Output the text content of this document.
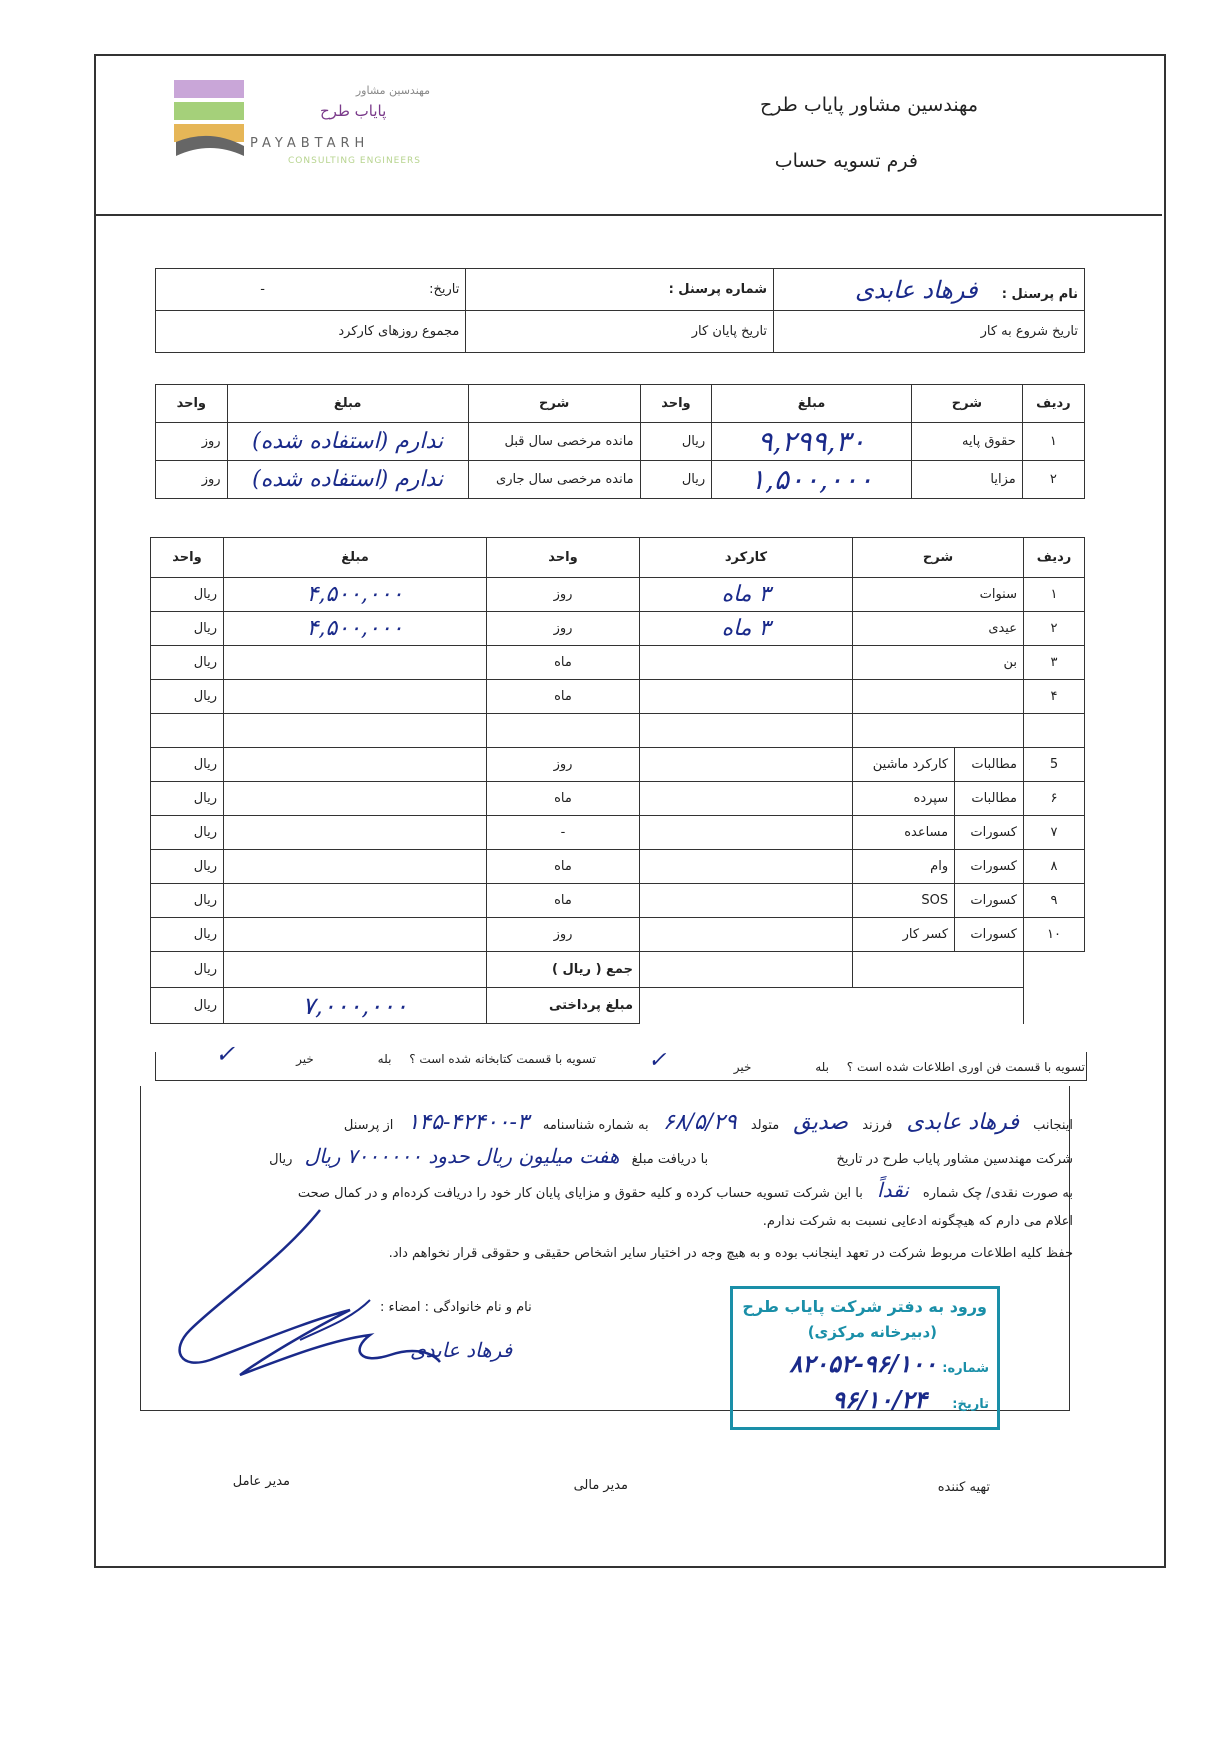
مهندسین مشاور پایاب طرح
فرم تسویه حساب
مهندسین مشاور
پایاب طرح
PAYABTARH
CONSULTING ENGINEERS
نام پرسنل : فرهاد عابدی	شماره پرسنل :	تاریخ: -
تاریخ شروع به کار	تاریخ پایان کار	مجموع روزهای کارکرد
ردیف	شرح	مبلغ	واحد	شرح	مبلغ	واحد
۱	حقوق پایه	۹,۲۹۹,۳۰	ریال	مانده مرخصی سال قبل	ندارم (استفاده شده)	روز
۲	مزایا	۱,۵۰۰,۰۰۰	ریال	مانده مرخصی سال جاری	ندارم (استفاده شده)	روز
ردیف	شرح		کارکرد	واحد	مبلغ	واحد
۱	سنوات		۳ ماه	روز	۴,۵۰۰,۰۰۰	ریال
۲	عیدی		۳ ماه	روز	۴,۵۰۰,۰۰۰	ریال
۳	بن			ماه		ریال
۴				ماه		ریال

5	مطالبات	کارکرد ماشین		روز		ریال
۶	مطالبات	سپرده		ماه		ریال
۷	کسورات	مساعده		-		ریال
۸	کسورات	وام		ماه		ریال
۹	کسورات	SOS		ماه		ریال
۱۰	کسورات	کسر کار		روز		ریال
				جمع ( ریال )		ریال
				مبلغ پرداختی	۷,۰۰۰,۰۰۰	ریال
تسویه با قسمت فن اوری اطلاعات شده است ؟ بله خیر
✓
تسویه با قسمت کتابخانه شده است ؟ بله خیر
✓
اینجانب فرهاد عابدی فرزند صدیق متولد ۶۸/۵/۲۹ به شماره شناسنامه ۳-۴۲۴۰۰-۱۴۵ از پرسنل
شرکت مهندسین مشاور پایاب طرح در تاریخ  با دریافت مبلغ هفت میلیون ریال حدود ۷۰۰۰۰۰۰ ریال ریال
به صورت نقدی/ چک شماره نقداً با این شرکت تسویه حساب کرده و کلیه حقوق و مزایای پایان کار خود را دریافت کرده‌ام و در کمال صحت
اعلام می دارم که هیچگونه ادعایی نسبت به شرکت ندارم.
حفظ کلیه اطلاعات مربوط شرکت در تعهد اینجانب بوده و به هیچ وجه در اختیار سایر اشخاص حقیقی و حقوقی قرار نخواهم داد.
نام و نام خانوادگی : امضاء :
فرهاد عابدی
ورود به دفتر شرکت پایاب طرح
(دبیرخانه مرکزی)
شماره:
۸۲۰۵۲-۹۶/۱۰۰
تاریخ:
۹۶/۱۰/۲۴
تهیه کننده
مدیر مالی
مدیر عامل
